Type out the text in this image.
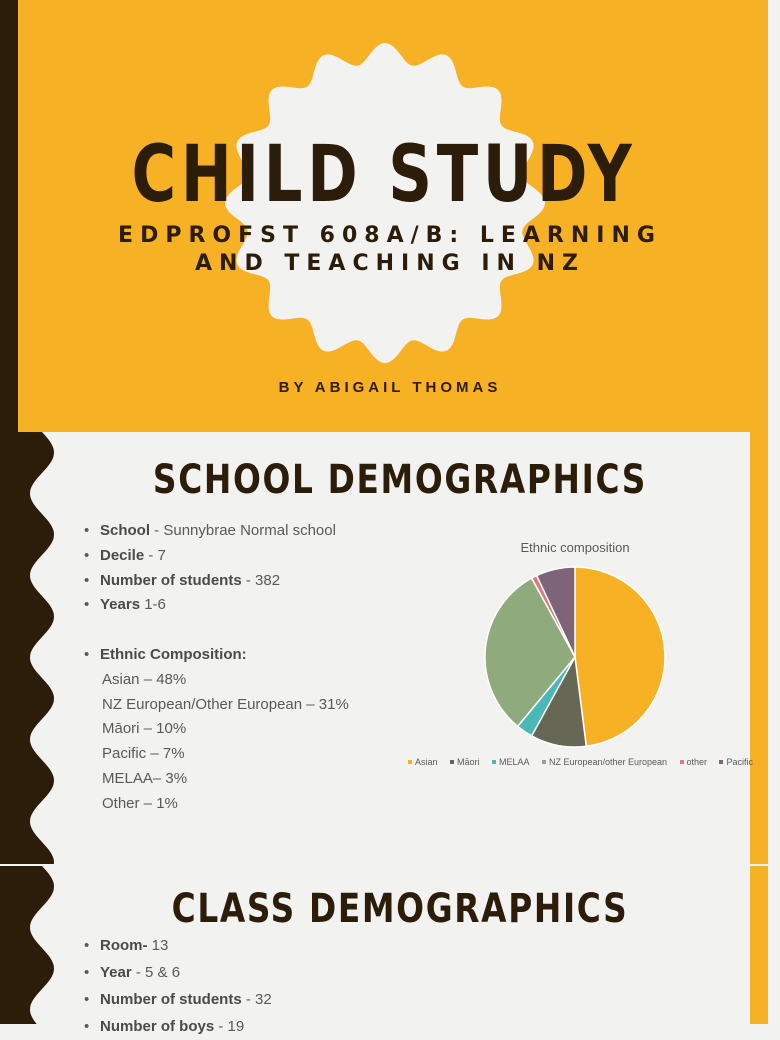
CHILD STUDY
EDPROFST 608A/B: LEARNING AND TEACHING IN NZ
BY ABIGAIL THOMAS
SCHOOL DEMOGRAPHICS
• School - Sunnybrae Normal school
• Decile - 7
• Number of students - 382
• Years 1-6
• Ethnic Composition:
Asian – 48%
NZ European/Other European – 31%
Māori – 10%
Pacific – 7%
MELAA– 3%
Other – 1%
Ethnic composition
Asian Māori MELAA NZ European/other European other Pacific
CLASS DEMOGRAPHICS
• Room- 13
• Year - 5 & 6
• Number of students - 32
• Number of boys - 19
